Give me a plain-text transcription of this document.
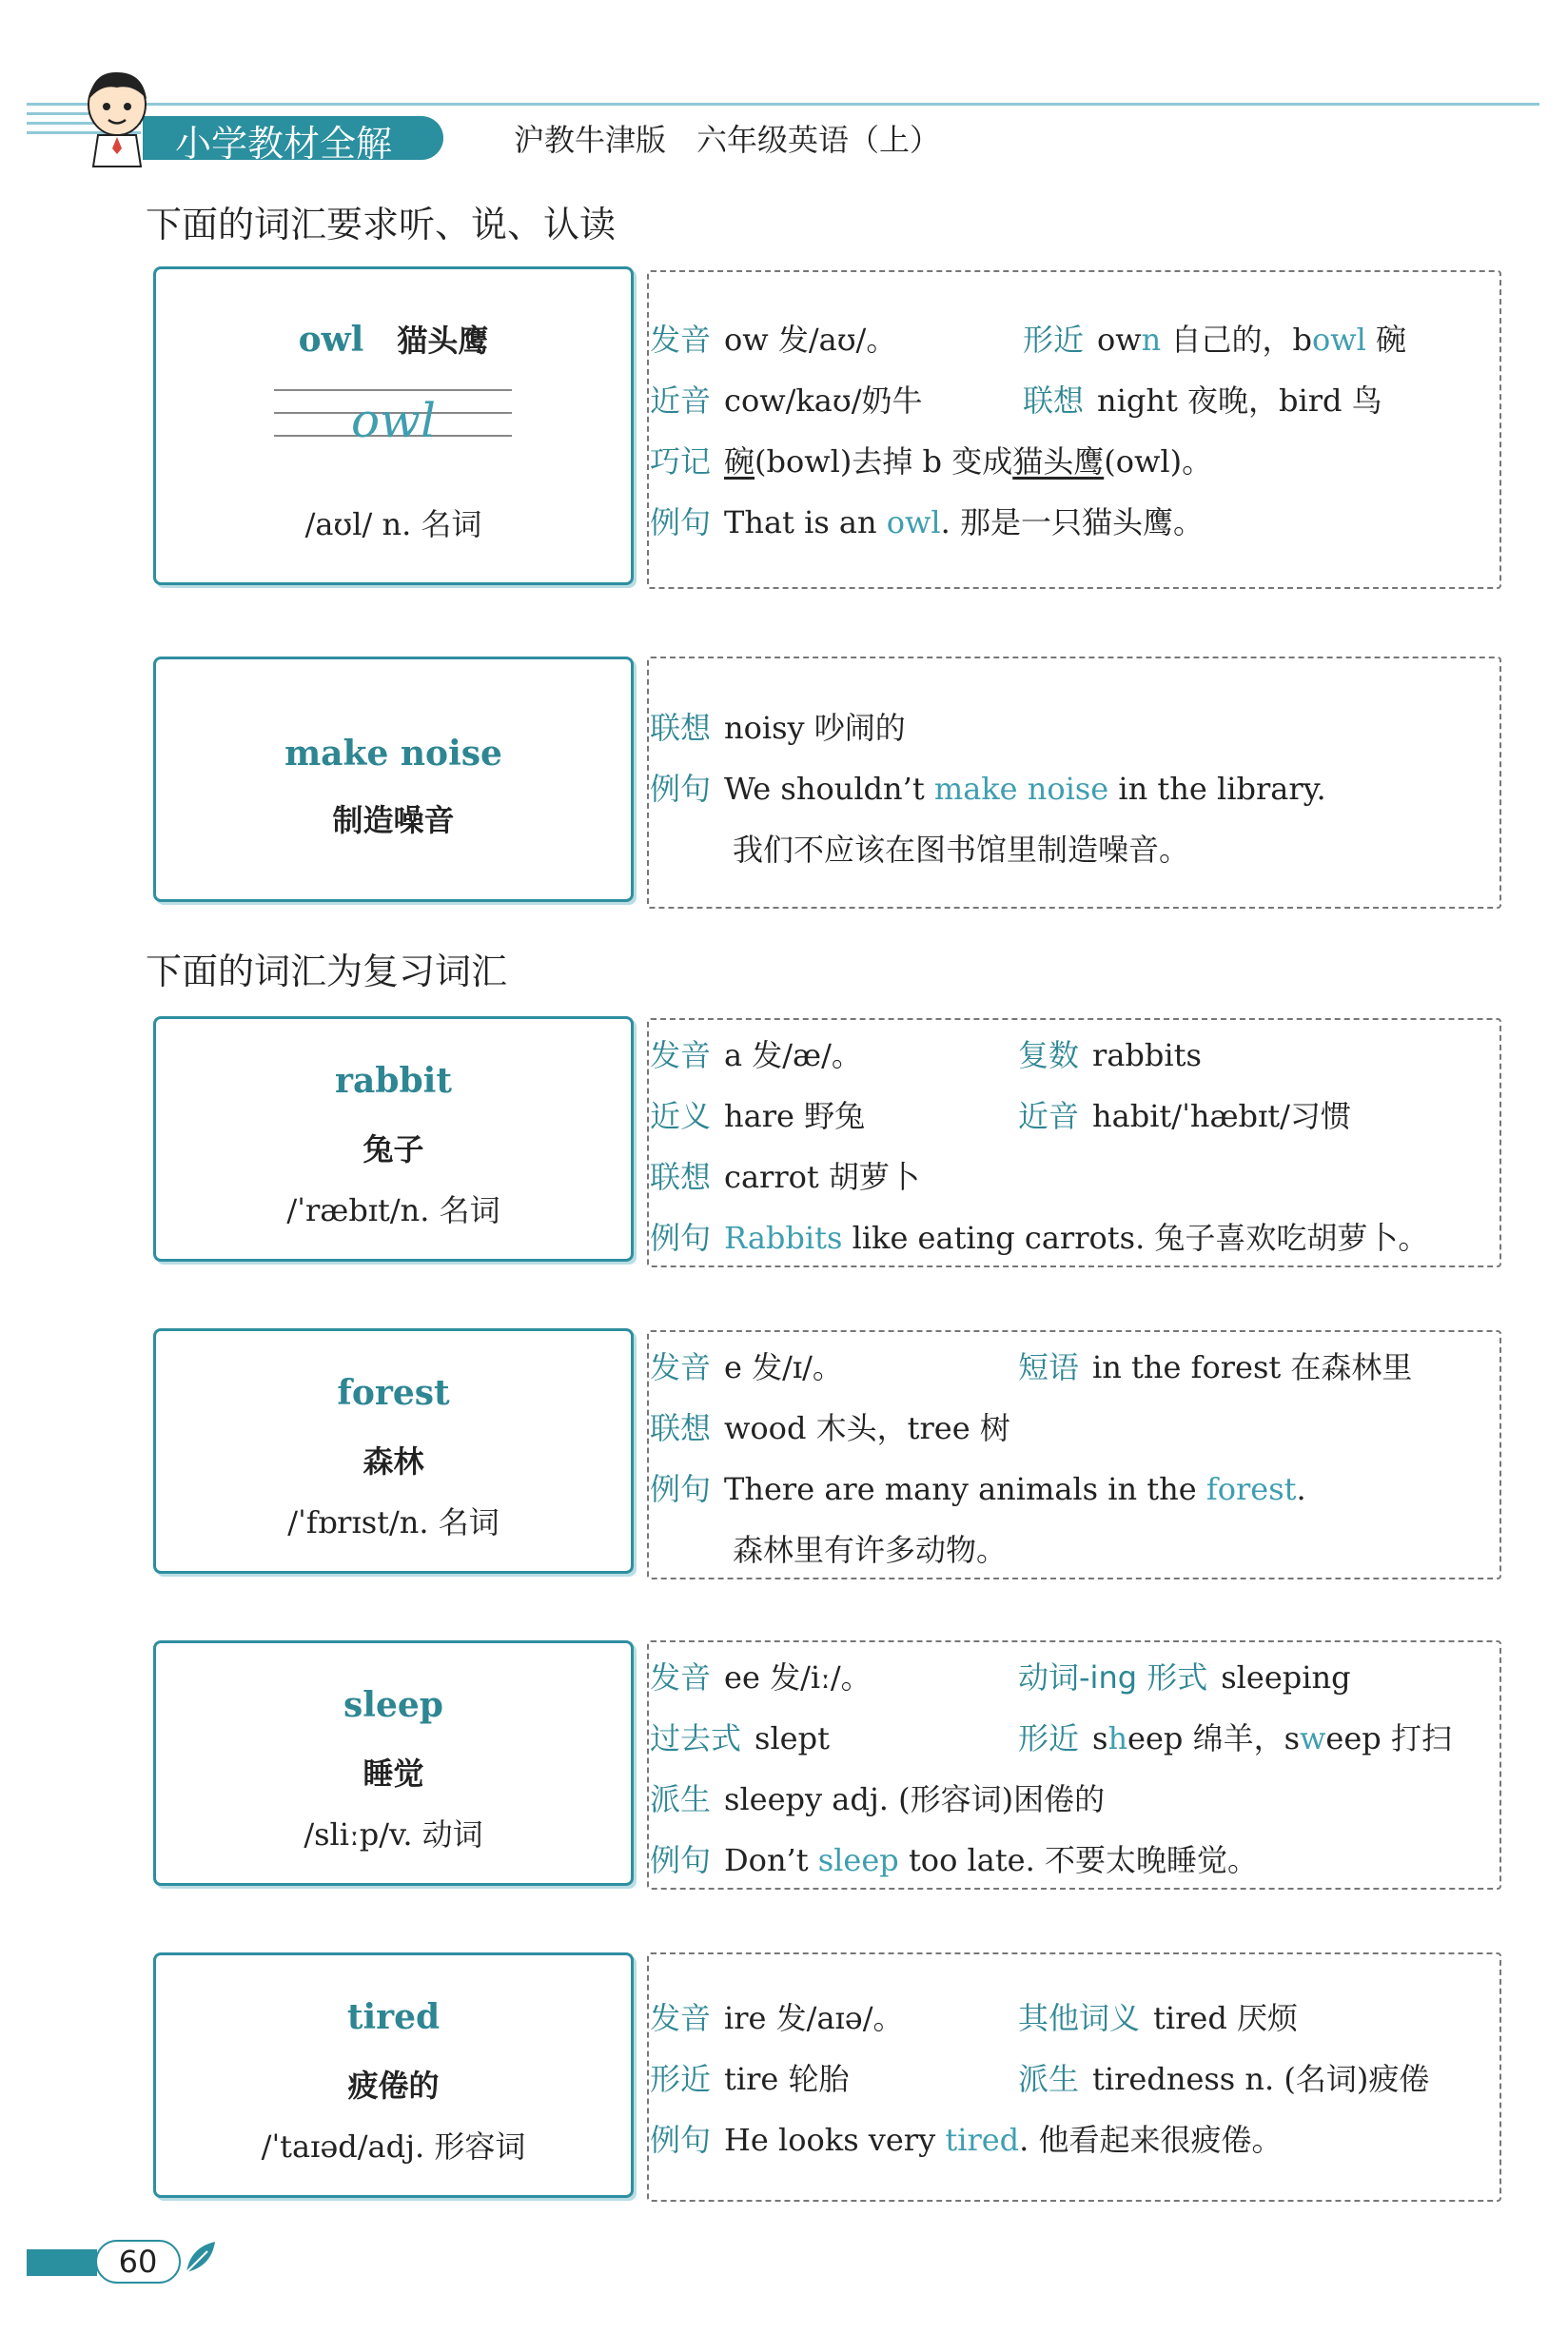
小学教材全解	沪教牛津版　六年级英语（上）
下面的词汇要求听、说、认读
owl 猫头鹰
owl
/aʊl/ n. 名词
发音 ow 发/aʊ/。	形近 own 自己的，bowl 碗
近音 cow/kaʊ/奶牛	联想 night 夜晚，bird 鸟
巧记 碗(bowl)去掉 b 变成猫头鹰(owl)。
例句 That is an owl. 那是一只猫头鹰。
make noise
制造噪音
联想 noisy 吵闹的
例句 We shouldn’t make noise in the library.
我们不应该在图书馆里制造噪音。
下面的词汇为复习词汇
rabbit
兔子
/ˈræbɪt/n. 名词
发音 a 发/æ/。	复数 rabbits
近义 hare 野兔	近音 habit/ˈhæbɪt/习惯
联想 carrot 胡萝卜
例句 Rabbits like eating carrots. 兔子喜欢吃胡萝卜。
forest
森林
/ˈfɒrɪst/n. 名词
发音 e 发/ɪ/。	短语 in the forest 在森林里
联想 wood 木头，tree 树
例句 There are many animals in the forest.
森林里有许多动物。
sleep
睡觉
/sliːp/v. 动词
发音 ee 发/iː/。	动词-ing 形式 sleeping
过去式 slept	形近 sheep 绵羊，sweep 打扫
派生 sleepy adj. (形容词)困倦的
例句 Don’t sleep too late. 不要太晚睡觉。
tired
疲倦的
/ˈtaɪəd/adj. 形容词
发音 ire 发/aɪə/。	其他词义 tired 厌烦
形近 tire 轮胎	派生 tiredness n. (名词)疲倦
例句 He looks very tired. 他看起来很疲倦。
60
